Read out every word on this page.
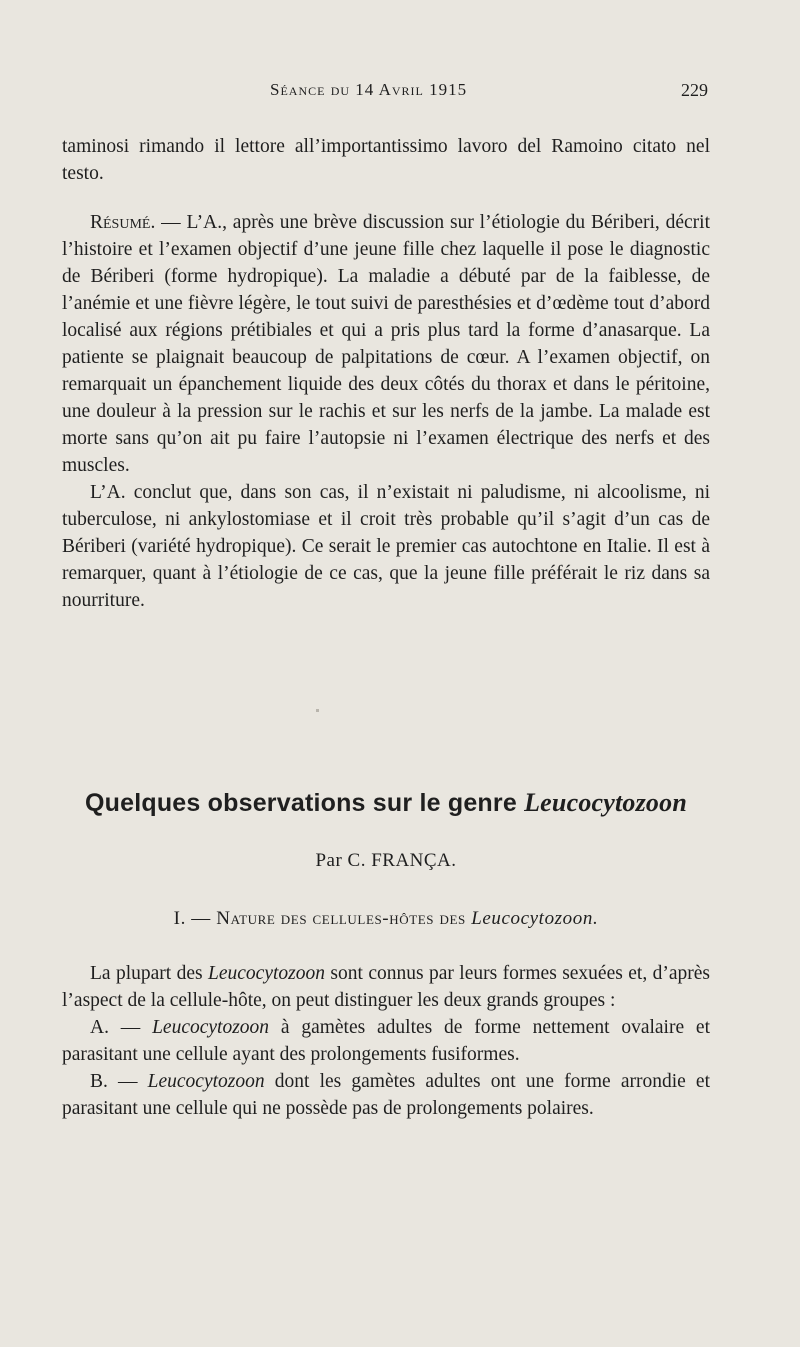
Séance du 14 Avril 1915	229

taminosi rimando il lettore all’importantissimo lavoro del Ramoino citato nel testo.

Résumé. — L’A., après une brève discussion sur l’étiologie du Bériberi, décrit l’histoire et l’examen objectif d’une jeune fille chez laquelle il pose le diagnostic de Bériberi (forme hydropique). La maladie a débuté par de la faiblesse, de l’anémie et une fièvre légère, le tout suivi de paresthésies et d’œdème tout d’abord localisé aux régions prétibiales et qui a pris plus tard la forme d’anasarque. La patiente se plaignait beaucoup de palpitations de cœur. A l’examen objectif, on remarquait un épanchement liquide des deux côtés du thorax et dans le péritoine, une douleur à la pression sur le rachis et sur les nerfs de la jambe. La malade est morte sans qu’on ait pu faire l’autopsie ni l’examen électrique des nerfs et des muscles.

L’A. conclut que, dans son cas, il n’existait ni paludisme, ni alcoolisme, ni tuberculose, ni ankylostomiase et il croit très probable qu’il s’agit d’un cas de Bériberi (variété hydropique). Ce serait le premier cas autochtone en Italie. Il est à remarquer, quant à l’étiologie de ce cas, que la jeune fille préférait le riz dans sa nourriture.

Quelques observations sur le genre Leucocytozoon
Par C. FRANÇA.
I. — Nature des cellules-hôtes des Leucocytozoon.

La plupart des Leucocytozoon sont connus par leurs formes sexuées et, d’après l’aspect de la cellule-hôte, on peut distinguer les deux grands groupes :

A. — Leucocytozoon à gamètes adultes de forme nettement ovalaire et parasitant une cellule ayant des prolongements fusiformes.

B. — Leucocytozoon dont les gamètes adultes ont une forme arrondie et parasitant une cellule qui ne possède pas de prolongements polaires.
